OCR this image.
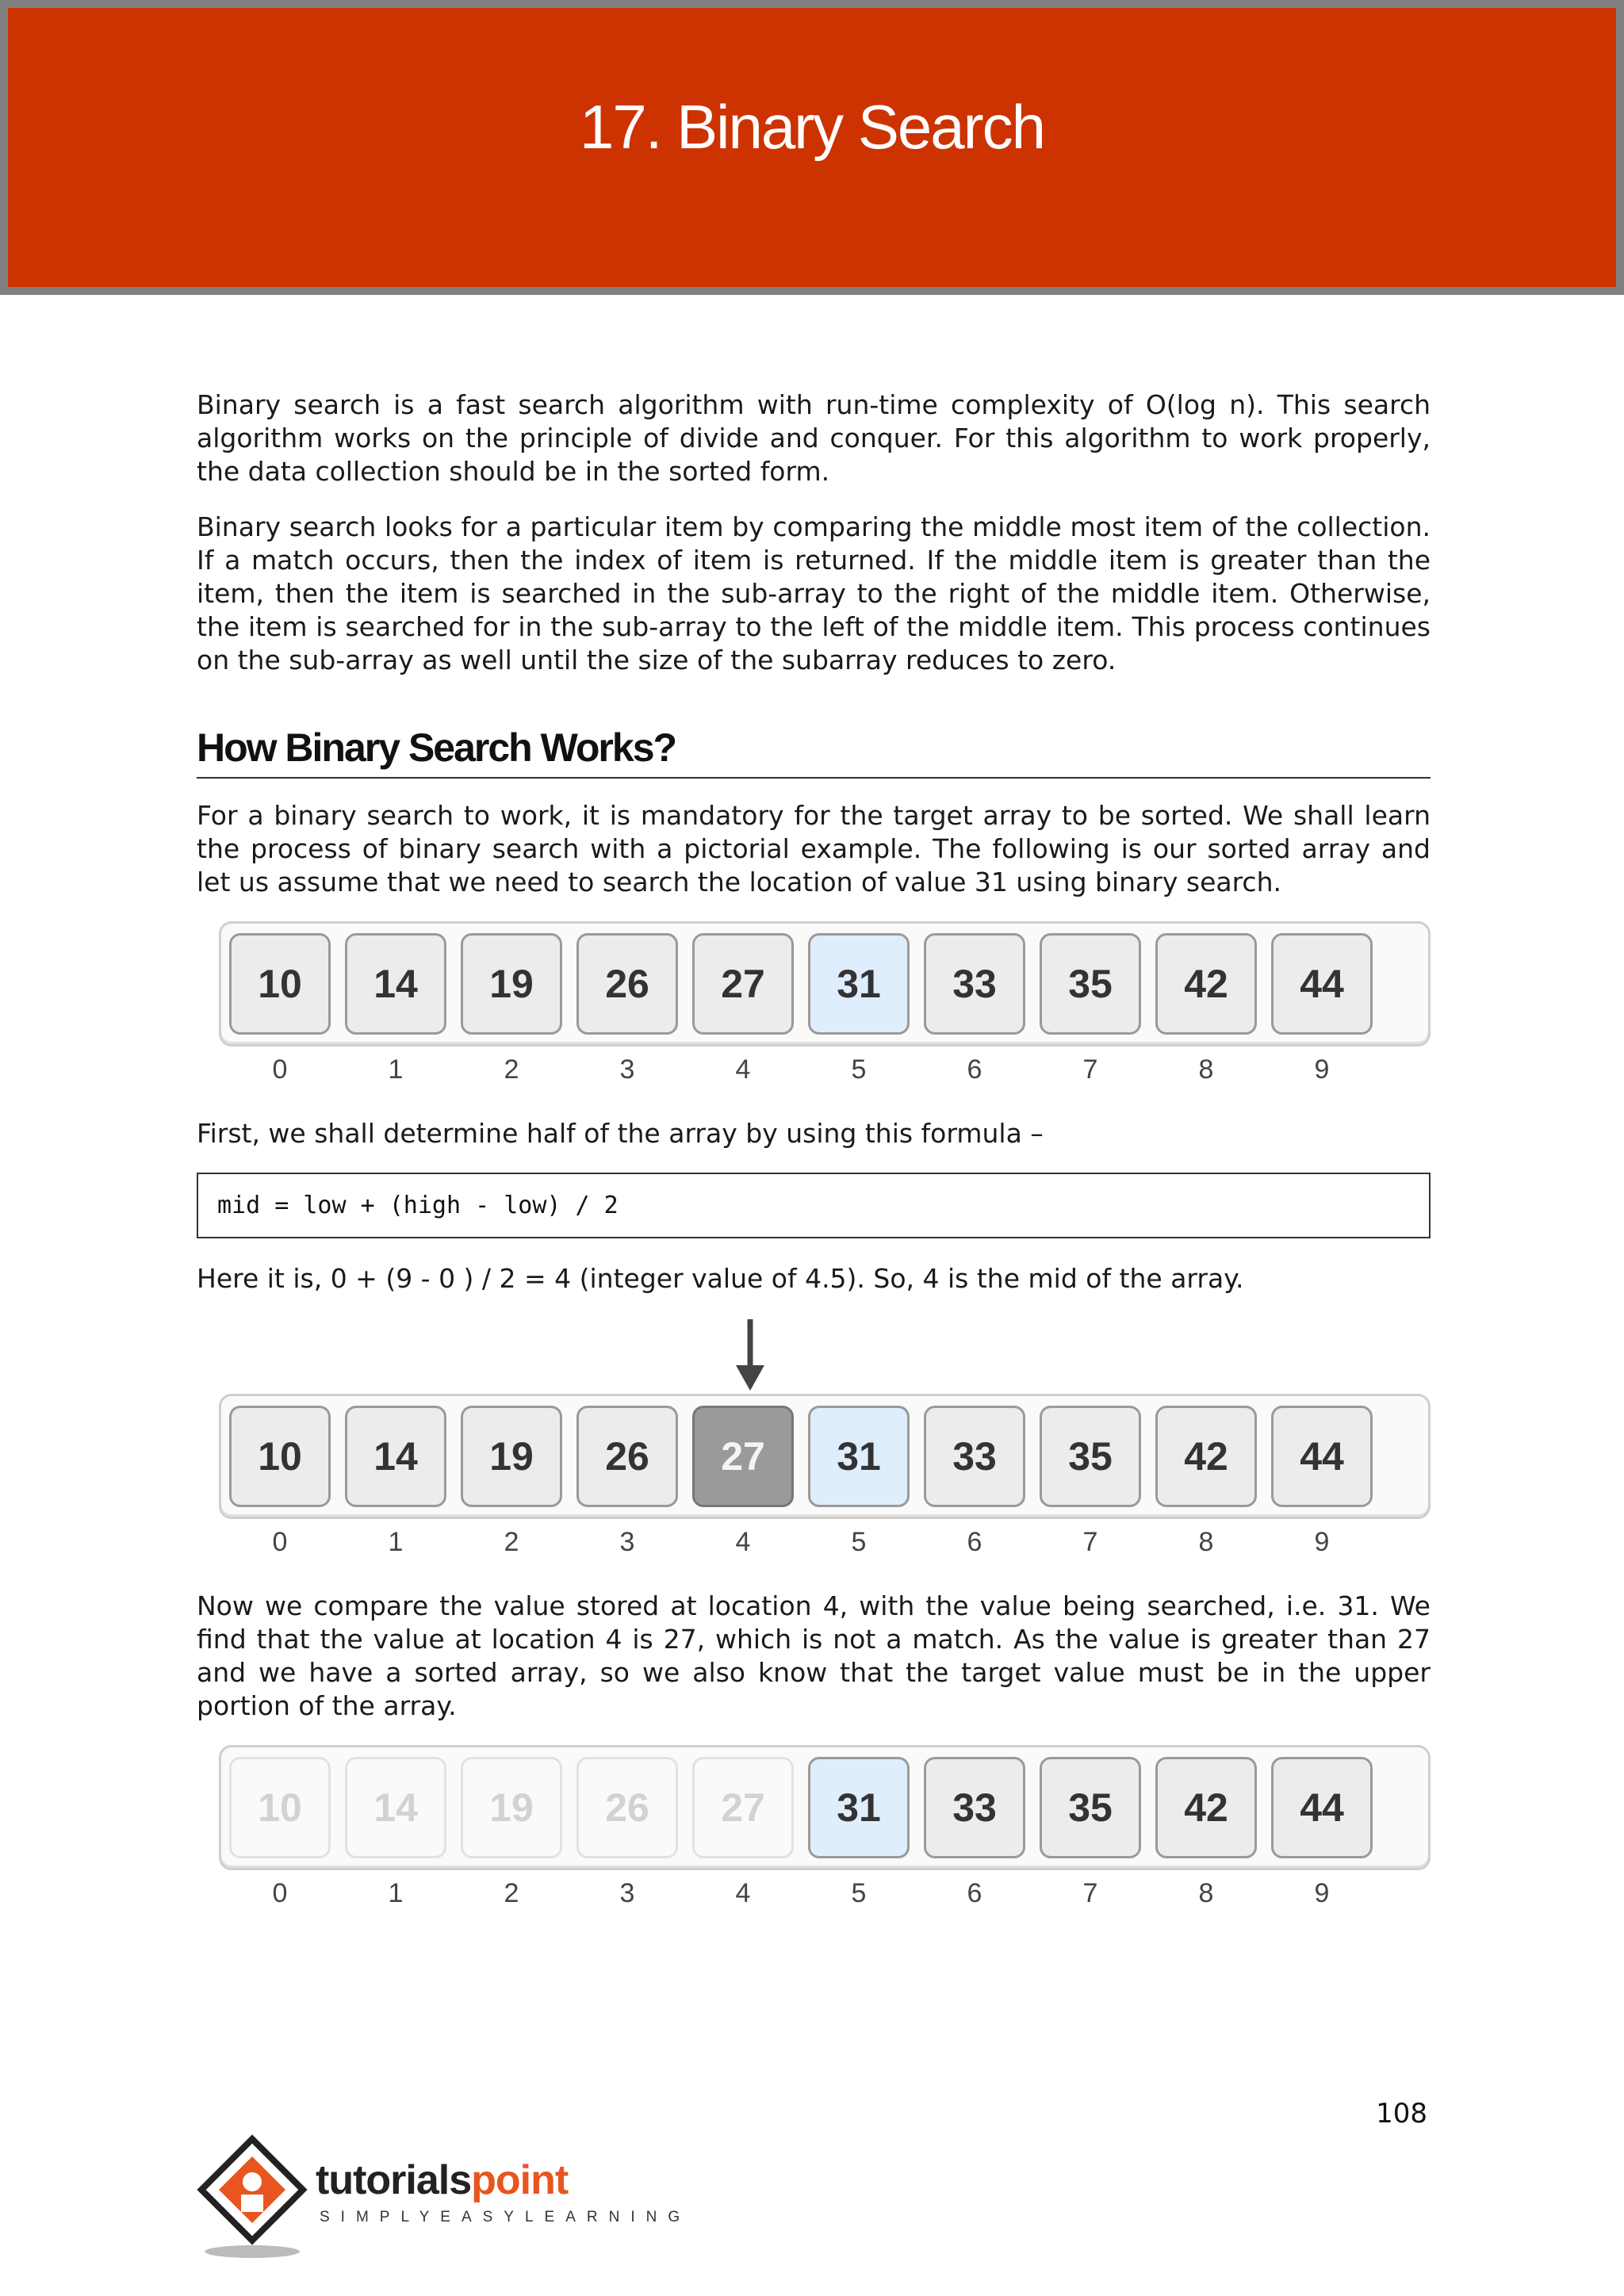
17. Binary Search

Binary search is a fast search algorithm with run-time complexity of Ο(log n). This search algorithm works on the principle of divide and conquer. For this algorithm to work properly, the data collection should be in the sorted form.

Binary search looks for a particular item by comparing the middle most item of the collection. If a match occurs, then the index of item is returned. If the middle item is greater than the item, then the item is searched in the sub-array to the right of the middle item. Otherwise, the item is searched for in the sub-array to the left of the middle item. This process continues on the sub-array as well until the size of the subarray reduces to zero.

How Binary Search Works?

For a binary search to work, it is mandatory for the target array to be sorted. We shall learn the process of binary search with a pictorial example. The following is our sorted array and let us assume that we need to search the location of value 31 using binary search.

10	14	19	26	27	31	33	35	42	44
0	1	2	3	4	5	6	7	8	9

First, we shall determine half of the array by using this formula –

mid = low + (high - low) / 2

Here it is, 0 + (9 - 0 ) / 2 = 4 (integer value of 4.5). So, 4 is the mid of the array.

10	14	19	26	27	31	33	35	42	44
0	1	2	3	4	5	6	7	8	9

Now we compare the value stored at location 4, with the value being searched, i.e. 31. We find that the value at location 4 is 27, which is not a match. As the value is greater than 27 and we have a sorted array, so we also know that the target value must be in the upper portion of the array.

10	14	19	26	27	31	33	35	42	44
0	1	2	3	4	5	6	7	8	9
108
tutorialspoint
SIMPLYEASYLEARNING
